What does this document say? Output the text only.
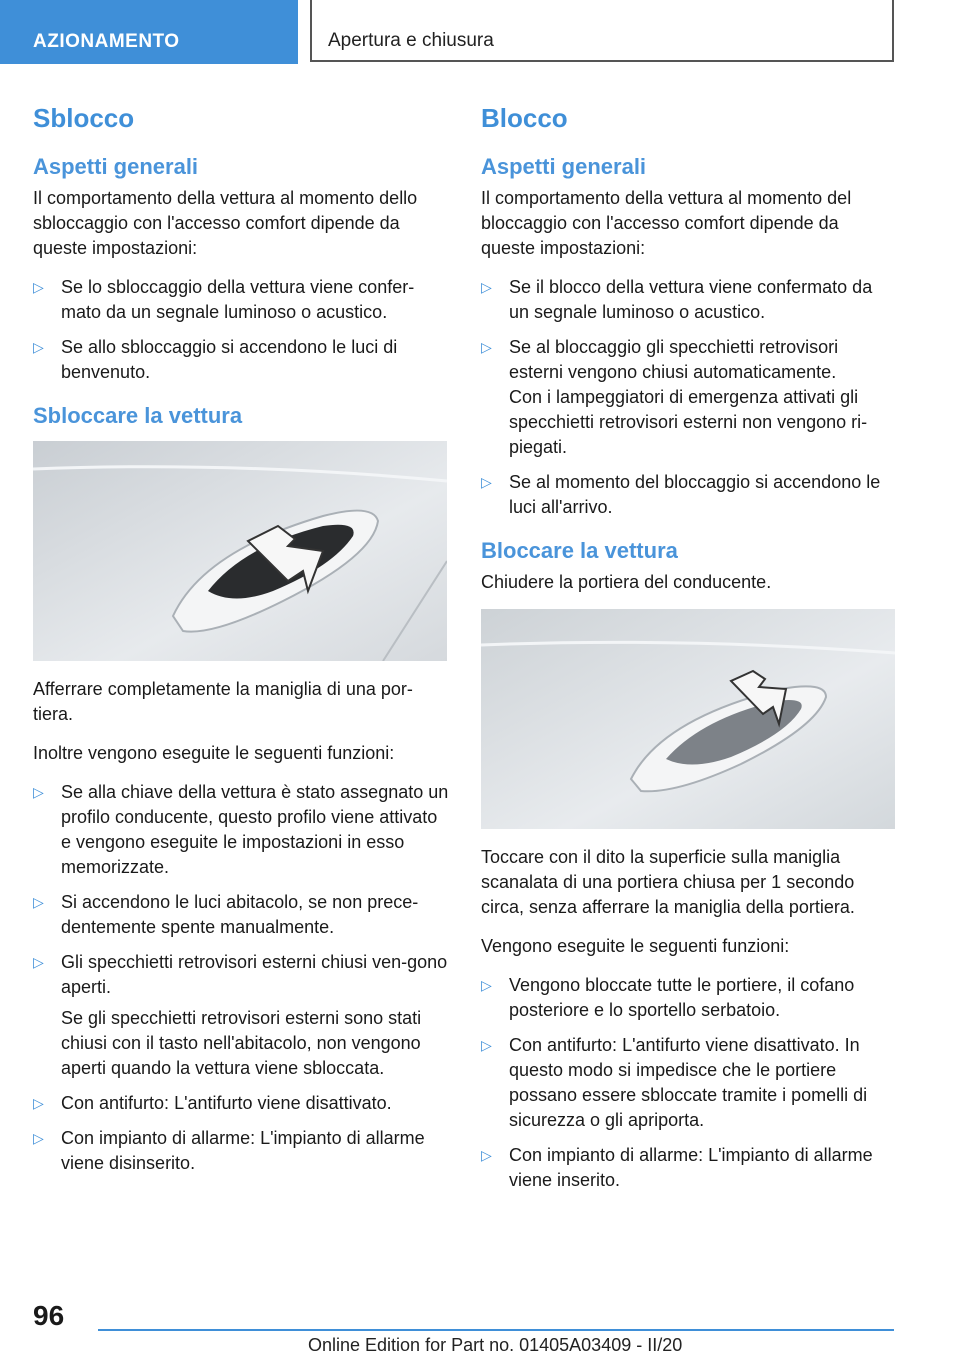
AZIONAMENTO	Apertura e chiusura
Sblocco
Aspetti generali

Il comportamento della vettura al momento dello sbloccaggio con l'accesso comfort dipende da queste impostazioni:

▷ Se lo sbloccaggio della vettura viene confer-mato da un segnale luminoso o acustico.
▷ Se allo sbloccaggio si accendono le luci di benvenuto.
Sbloccare la vettura

Afferrare completamente la maniglia di una por-tiera.

Inoltre vengono eseguite le seguenti funzioni:

▷ Se alla chiave della vettura è stato assegnato un profilo conducente, questo profilo viene attivato e vengono eseguite le impostazioni in esso memorizzate.
▷ Si accendono le luci abitacolo, se non prece-dentemente spente manualmente.
▷ Gli specchietti retrovisori esterni chiusi ven-gono aperti.
Se gli specchietti retrovisori esterni sono stati chiusi con il tasto nell'abitacolo, non vengono aperti quando la vettura viene sbloccata.
▷ Con antifurto: L'antifurto viene disattivato.
▷ Con impianto di allarme: L'impianto di allarme viene disinserito.
Blocco
Aspetti generali

Il comportamento della vettura al momento del bloccaggio con l'accesso comfort dipende da queste impostazioni:

▷ Se il blocco della vettura viene confermato da un segnale luminoso o acustico.
▷ Se al bloccaggio gli specchietti retrovisori esterni vengono chiusi automaticamente.
Con i lampeggiatori di emergenza attivati gli specchietti retrovisori esterni non vengono ri-piegati.
▷ Se al momento del bloccaggio si accendono le luci all'arrivo.
Bloccare la vettura

Chiudere la portiera del conducente.

Toccare con il dito la superficie sulla maniglia scanalata di una portiera chiusa per 1 secondo circa, senza afferrare la maniglia della portiera.

Vengono eseguite le seguenti funzioni:

▷ Vengono bloccate tutte le portiere, il cofano posteriore e lo sportello serbatoio.
▷ Con antifurto: L'antifurto viene disattivato. In questo modo si impedisce che le portiere possano essere sbloccate tramite i pomelli di sicurezza o gli apriporta.
▷ Con impianto di allarme: L'impianto di allarme viene inserito.
96
Online Edition for Part no. 01405A03409 - II/20
